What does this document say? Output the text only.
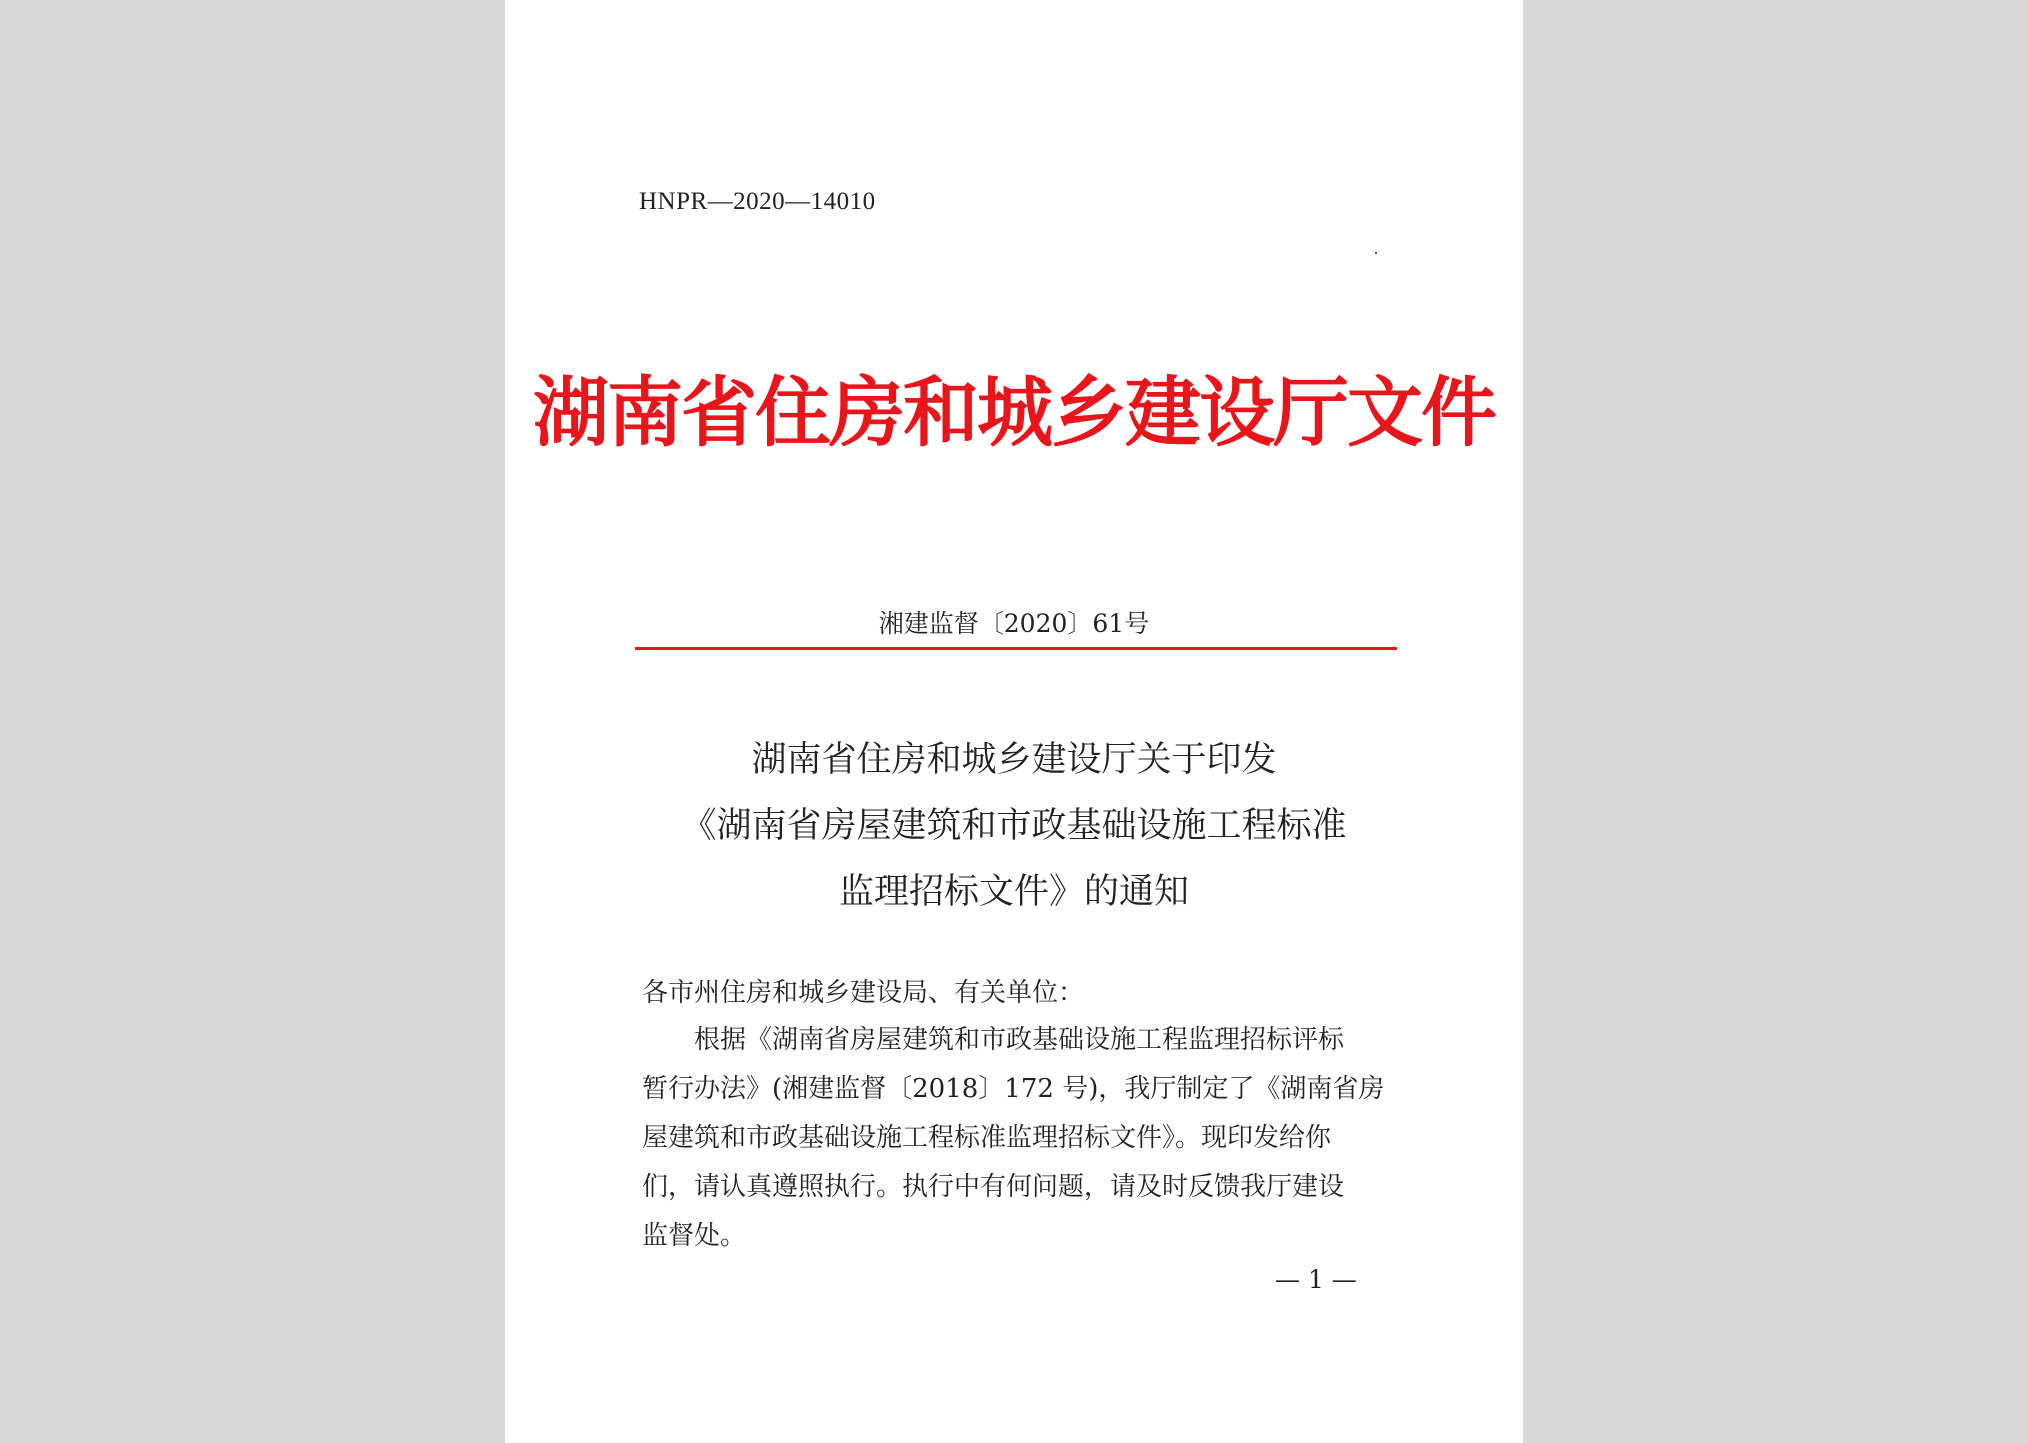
HNPR—2020—14010
湖南省住房和城乡建设厅文件
湘建监督〔2020〕61号
湖南省住房和城乡建设厅关于印发
《湖南省房屋建筑和市政基础设施工程标准
监理招标文件》的通知
各市州住房和城乡建设局、有关单位：
　　根据《湖南省房屋建筑和市政基础设施工程监理招标评标
暂行办法》(湘建监督〔2018〕172 号)，我厅制定了《湖南省房
屋建筑和市政基础设施工程标准监理招标文件》。现印发给你
们，请认真遵照执行。执行中有何问题，请及时反馈我厅建设
监督处。
— 1 —
